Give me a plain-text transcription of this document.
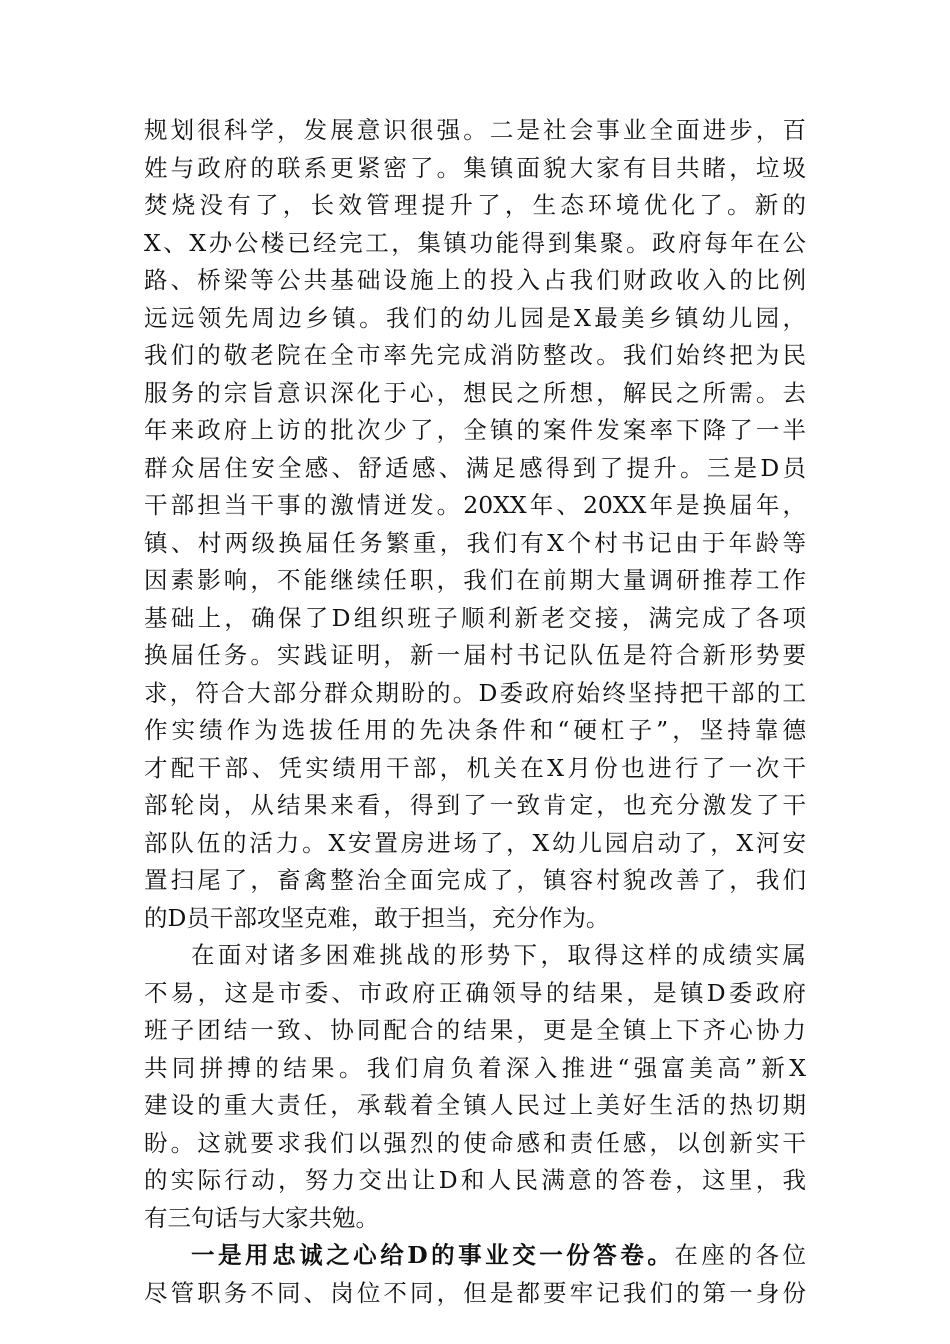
规划很科学，发展意识很强。二是社会事业全面进步，百
姓与政府的联系更紧密了。集镇面貌大家有目共睹，垃圾
焚烧没有了，长效管理提升了，生态环境优化了。新的
X、X办公楼已经完工，集镇功能得到集聚。政府每年在公
路、桥梁等公共基础设施上的投入占我们财政收入的比例
远远领先周边乡镇。我们的幼儿园是X最美乡镇幼儿园，
我们的敬老院在全市率先完成消防整改。我们始终把为民
服务的宗旨意识深化于心，想民之所想，解民之所需。去
年来政府上访的批次少了，全镇的案件发案率下降了一半
群众居住安全感、舒适感、满足感得到了提升。三是D员
干部担当干事的激情迸发。20XX年、20XX年是换届年，
镇、村两级换届任务繁重，我们有X个村书记由于年龄等
因素影响，不能继续任职，我们在前期大量调研推荐工作
基础上，确保了D组织班子顺利新老交接，满完成了各项
换届任务。实践证明，新一届村书记队伍是符合新形势要
求，符合大部分群众期盼的。D委政府始终坚持把干部的工
作实绩作为选拔任用的先决条件和“硬杠子”，坚持靠德
才配干部、凭实绩用干部，机关在X月份也进行了一次干
部轮岗，从结果来看，得到了一致肯定，也充分激发了干
部队伍的活力。X安置房进场了，X幼儿园启动了，X河安
置扫尾了，畜禽整治全面完成了，镇容村貌改善了，我们
的D员干部攻坚克难，敢于担当，充分作为。
在面对诸多困难挑战的形势下，取得这样的成绩实属
不易，这是市委、市政府正确领导的结果，是镇D委政府
班子团结一致、协同配合的结果，更是全镇上下齐心协力
共同拼搏的结果。我们肩负着深入推进“强富美高”新X
建设的重大责任，承载着全镇人民过上美好生活的热切期
盼。这就要求我们以强烈的使命感和责任感，以创新实干
的实际行动，努力交出让D和人民满意的答卷，这里，我
有三句话与大家共勉。
一是用忠诚之心给D的事业交一份答卷。在座的各位
尽管职务不同、岗位不同，但是都要牢记我们的第一身份
